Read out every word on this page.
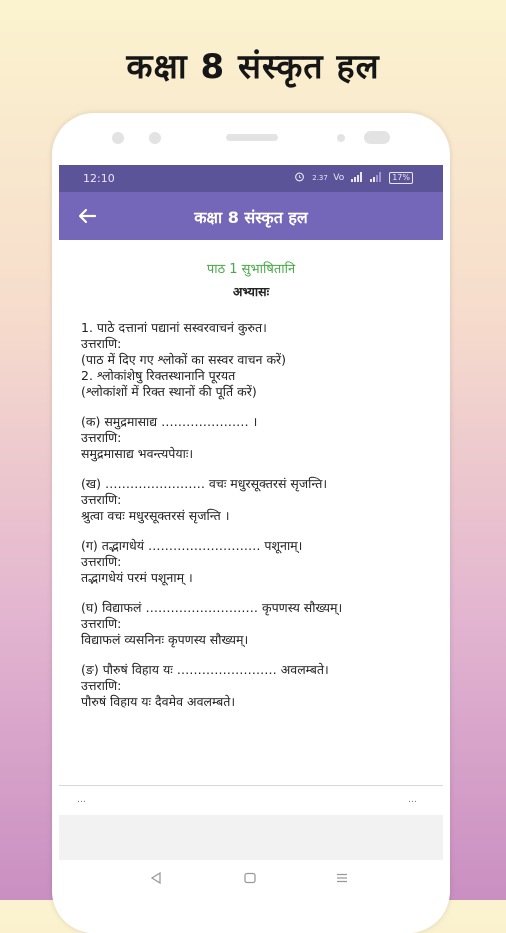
कक्षा 8 संस्कृत हल
12:10	2.37 Vo	17%
कक्षा 8 संस्कृत हल
पाठ 1 सुभाषितानि
अभ्यासः
1. पाठे दत्तानां पद्यानां सस्वरवाचनं कुरुत।
उत्तराणि:
(पाठ में दिए गए श्लोकों का सस्वर वाचन करें)
2. श्लोकांशेषु रिक्तस्थानानि पूरयत
(श्लोकांशों में रिक्त स्थानों की पूर्ति करें)
(क) समुद्रमासाद्य ………………… ।
उत्तराणि:
समुद्रमासाद्य भवन्त्यपेयाः।
(ख) …………………… वचः मधुरसूक्तरसं सृजन्ति।
उत्तराणि:
श्रुत्वा वचः मधुरसूक्तरसं सृजन्ति ।
(ग) तद्भागधेयं ……………………… पशूनाम्।
उत्तराणि:
तद्भागधेयं परमं पशूनाम् ।
(घ) विद्याफलं ……………………… कृपणस्य सौख्यम्।
उत्तराणि:
विद्याफलं व्यसनिनः कृपणस्य सौख्यम्।
(ङ) पौरुषं विहाय यः …………………… अवलम्बते।
उत्तराणि:
पौरुषं विहाय यः दैवमेव अवलम्बते।
…	…
